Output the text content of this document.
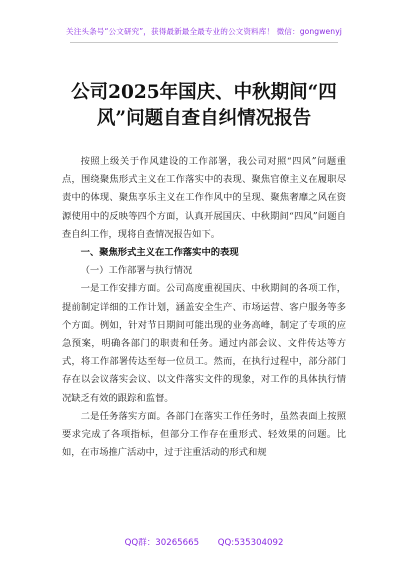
关注头条号“公文研究”，获得最新最全最专业的公文资料库！ 微信：gongwenyj
公司2025年国庆、中秋期间“四
风”问题自查自纠情况报告

按照上级关于作风建设的工作部署，我公司对照“四风”问题重点，围绕聚焦形式主义在工作落实中的表现、聚焦官僚主义在履职尽责中的体现、聚焦享乐主义在工作作风中的呈现、聚焦奢靡之风在资源使用中的反映等四个方面，认真开展国庆、中秋期间“四风”问题自查自纠工作，现将自查情况报告如下。

一、聚焦形式主义在工作落实中的表现
（一）工作部署与执行情况

一是工作安排方面。公司高度重视国庆、中秋期间的各项工作，提前制定详细的工作计划，涵盖安全生产、市场运营、客户服务等多个方面。例如，针对节日期间可能出现的业务高峰，制定了专项的应急预案，明确各部门的职责和任务。通过内部会议、文件传达等方式，将工作部署传达至每一位员工。然而，在执行过程中，部分部门存在以会议落实会议、以文件落实文件的现象，对工作的具体执行情况缺乏有效的跟踪和监督。

二是任务落实方面。各部门在落实工作任务时，虽然表面上按照要求完成了各项指标，但部分工作存在重形式、轻效果的问题。比如，在市场推广活动中，过于注重活动的形式和规

QQ群：30265665 QQ:535304092
